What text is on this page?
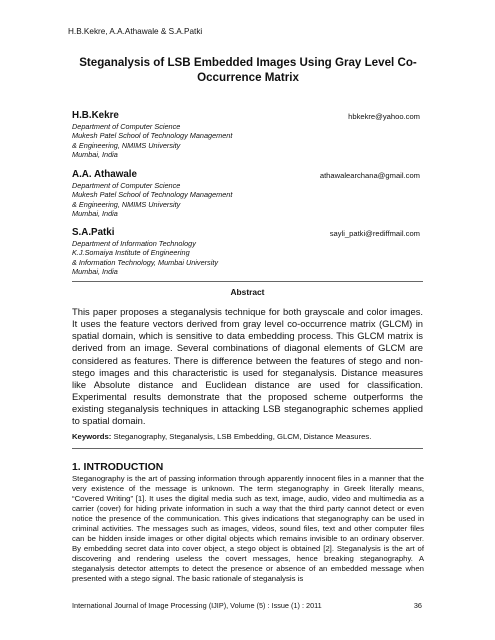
H.B.Kekre, A.A.Athawale & S.A.Patki
Steganalysis of LSB Embedded Images Using Gray Level Co-
Occurrence Matrix
H.B.Kekre	hbkekre@yahoo.com
Department of Computer Science
Mukesh Patel School of Technology Management
& Engineering, NMIMS University
Mumbai, India
A.A. Athawale	athawalearchana@gmail.com
Department of Computer Science
Mukesh Patel School of Technology Management
& Engineering, NMIMS University
Mumbai, India
S.A.Patki	sayli_patki@rediffmail.com
Department of Information Technology
K.J.Somaiya Institute of Engineering
& Information Technology, Mumbai University
Mumbai, India
Abstract
This paper proposes a steganalysis technique for both grayscale and color images. It uses the feature vectors derived from gray level co-occurrence matrix (GLCM) in spatial domain, which is sensitive to data embedding process. This GLCM matrix is derived from an image. Several combinations of diagonal elements of GLCM are considered as features. There is difference between the features of stego and non-stego images and this characteristic is used for steganalysis. Distance measures like Absolute distance and Euclidean distance are used for classification. Experimental results demonstrate that the proposed scheme outperforms the existing steganalysis techniques in attacking LSB steganographic schemes applied to spatial domain.
Keywords: Steganography, Steganalysis, LSB Embedding, GLCM, Distance Measures.
1. INTRODUCTION
Steganography is the art of passing information through apparently innocent files in a manner that the very existence of the message is unknown. The term steganography in Greek literally means, “Covered Writing” [1]. It uses the digital media such as text, image, audio, video and multimedia as a carrier (cover) for hiding private information in such a way that the third party cannot detect or even notice the presence of the communication. This gives indications that steganography can be used in criminal activities. The messages such as images, videos, sound files, text and other computer files can be hidden inside images or other digital objects which remains invisible to an ordinary observer. By embedding secret data into cover object, a stego object is obtained [2]. Steganalysis is the art of discovering and rendering useless the covert messages, hence breaking steganography. A steganalysis detector attempts to detect the presence or absence of an embedded message when presented with a stego signal. The basic rationale of steganalysis is
International Journal of Image Processing (IJIP), Volume (5) : Issue (1) : 2011	36
